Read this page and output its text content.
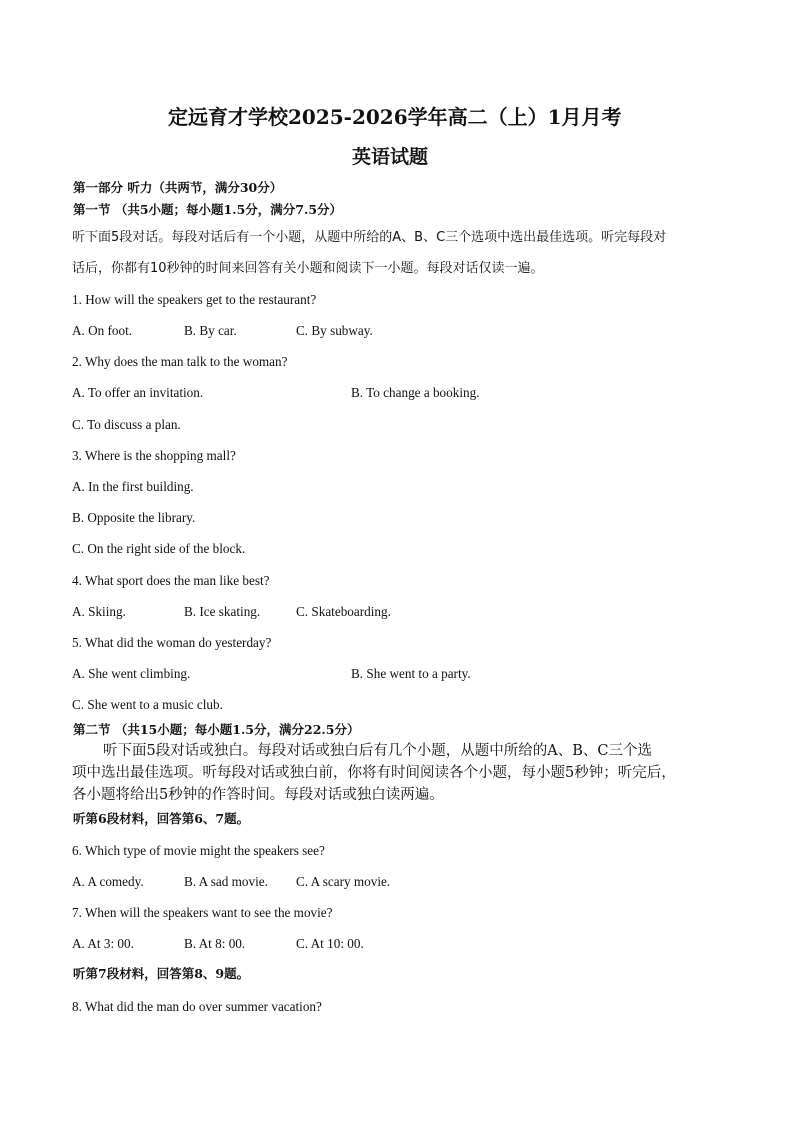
定远育才学校2025-2026学年高二（上）1月月考
英语试题
第一部分 听力（共两节，满分30分）
第一节 （共5小题；每小题1.5分，满分7.5分）
听下面5段对话。每段对话后有一个小题，从题中所给的A、B、C三个选项中选出最佳选项。听完每段对
话后，你都有10秒钟的时间来回答有关小题和阅读下一小题。每段对话仅读一遍。
1. How will the speakers get to the restaurant?
A. On foot.	B. By car.	C. By subway.
2. Why does the man talk to the woman?
A. To offer an invitation.	B. To change a booking.
C. To discuss a plan.
3. Where is the shopping mall?
A. In the first building.
B. Opposite the library.
C. On the right side of the block.
4. What sport does the man like best?
A. Skiing.	B. Ice skating.	C. Skateboarding.
5. What did the woman do yesterday?
A. She went climbing.	B. She went to a party.
C. She went to a music club.
第二节 （共15小题；每小题1.5分，满分22.5分）
听下面5段对话或独白。每段对话或独白后有几个小题，从题中所给的A、B、C三个选
项中选出最佳选项。听每段对话或独白前，你将有时间阅读各个小题，每小题5秒钟；听完后，
各小题将给出5秒钟的作答时间。每段对话或独白读两遍。
听第6段材料，回答第6、7题。
6. Which type of movie might the speakers see?
A. A comedy.	B. A sad movie. C. A scary movie.
7. When will the speakers want to see the movie?
A. At 3: 00.	B. At 8: 00.	C. At 10: 00.
听第7段材料，回答第8、9题。
8. What did the man do over summer vacation?
